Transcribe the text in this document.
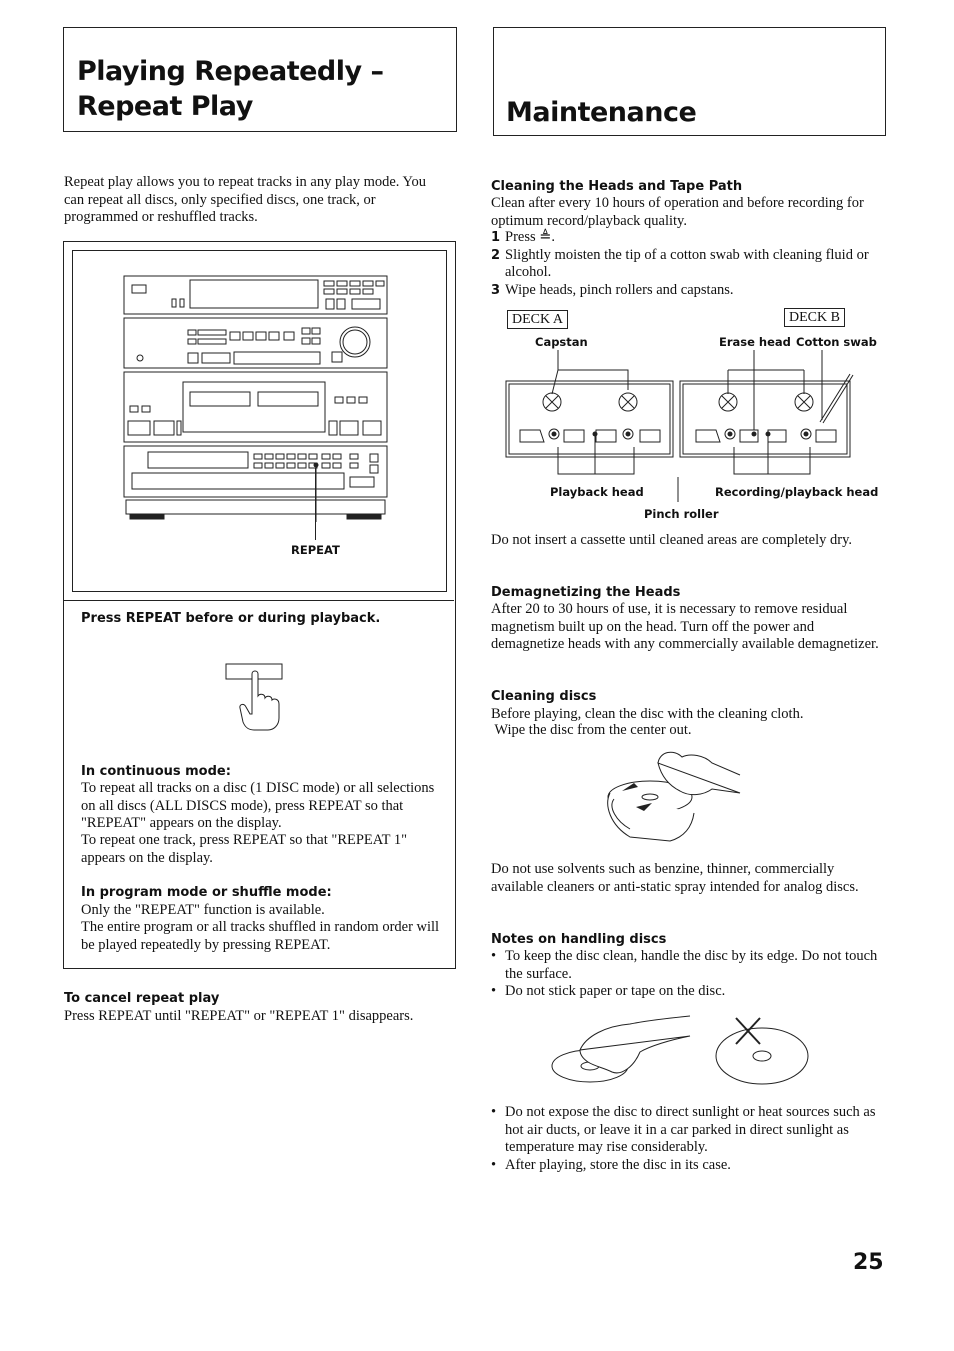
Playing Repeatedly –
Repeat Play

Repeat play allows you to repeat tracks in any play mode. You can repeat all discs, only specified discs, one track, or programmed or reshuffled tracks.

REPEAT

Press REPEAT before or during playback.

In continuous mode:

To repeat all tracks on a disc (1 DISC mode) or all selections on all discs (ALL DISCS mode), press REPEAT so that "REPEAT" appears on the display.

To repeat one track, press REPEAT so that "REPEAT 1" appears on the display.

In program mode or shuffle mode:

Only the "REPEAT" function is available.

The entire program or all tracks shuffled in random order will be played repeatedly by pressing REPEAT.

To cancel repeat play

Press REPEAT until "REPEAT" or "REPEAT 1" disappears.

Maintenance

Cleaning the Heads and Tape Path

Clean after every 10 hours of operation and before recording for optimum record/playback quality.

1 Press ≜.
2 Slightly moisten the tip of a cotton swab with cleaning fluid or alcohol.
3 Wipe heads, pinch rollers and capstans.
DECK A	DECK B
Capstan	Erase head Cotton swab
Playback head	Recording/playback head
Pinch roller

Do not insert a cassette until cleaned areas are completely dry.

Demagnetizing the Heads

After 20 to 30 hours of use, it is necessary to remove residual magnetism built up on the head. Turn off the power and demagnetize heads with any commercially available demagnetizer.

Cleaning discs

Before playing, clean the disc with the cleaning cloth.

Wipe the disc from the center out.

Do not use solvents such as benzine, thinner, commercially available cleaners or anti-static spray intended for analog discs.

Notes on handling discs

• To keep the disc clean, handle the disc by its edge. Do not touch the surface.
• Do not stick paper or tape on the disc.
• Do not expose the disc to direct sunlight or heat sources such as hot air ducts, or leave it in a car parked in direct sunlight as temperature may rise considerably.
• After playing, store the disc in its case.
25
